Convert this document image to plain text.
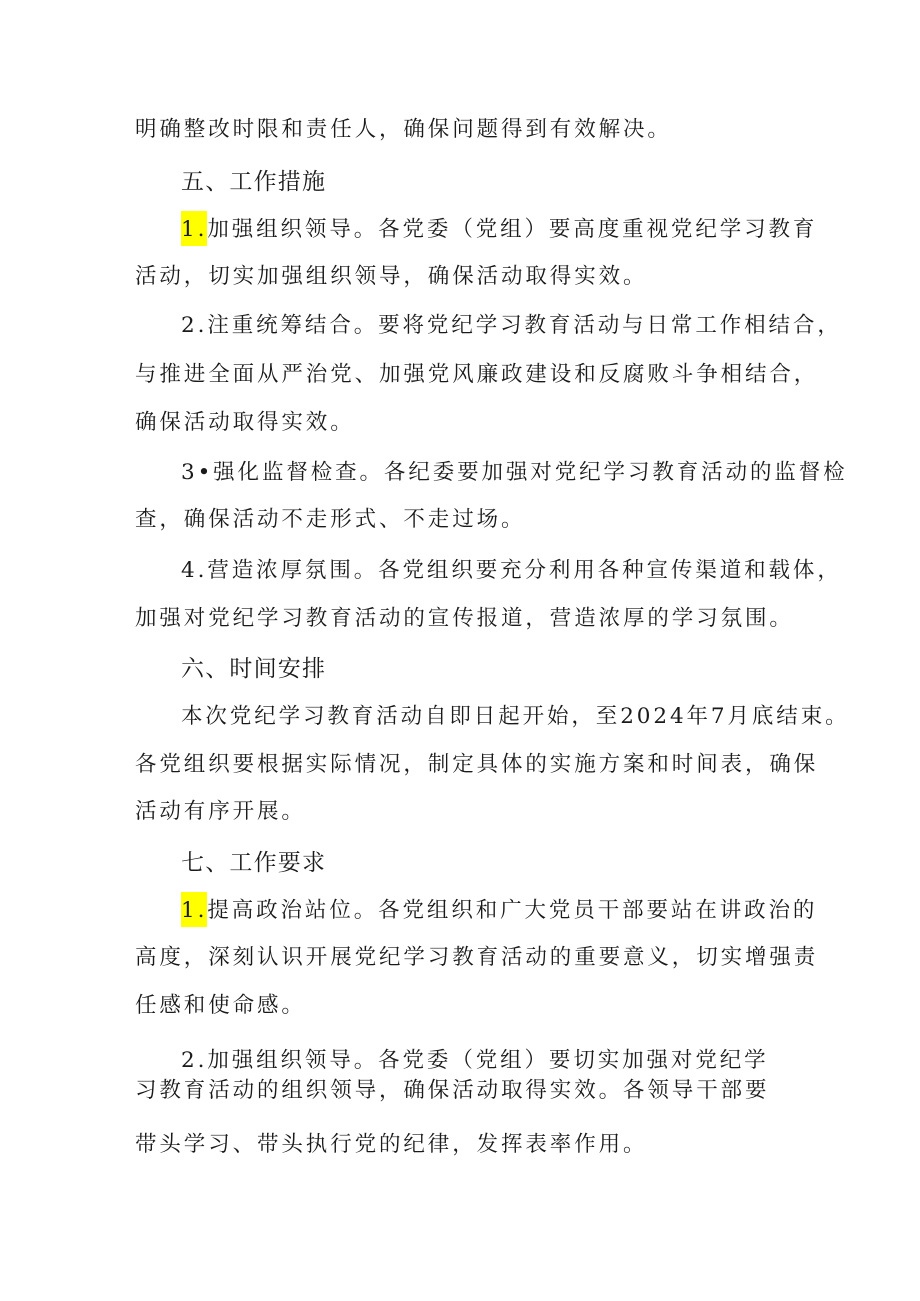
明确整改时限和责任人，确保问题得到有效解决。
五、工作措施
1.加强组织领导。各党委（党组）要高度重视党纪学习教育
活动，切实加强组织领导，确保活动取得实效。
2.注重统筹结合。要将党纪学习教育活动与日常工作相结合，
与推进全面从严治党、加强党风廉政建设和反腐败斗争相结合，
确保活动取得实效。
3•强化监督检查。各纪委要加强对党纪学习教育活动的监督检
查，确保活动不走形式、不走过场。
4.营造浓厚氛围。各党组织要充分利用各种宣传渠道和载体，
加强对党纪学习教育活动的宣传报道，营造浓厚的学习氛围。
六、时间安排
本次党纪学习教育活动自即日起开始，至2024年7月底结束。
各党组织要根据实际情况，制定具体的实施方案和时间表，确保
活动有序开展。
七、工作要求
1.提高政治站位。各党组织和广大党员干部要站在讲政治的
高度，深刻认识开展党纪学习教育活动的重要意义，切实增强责
任感和使命感。
2.加强组织领导。各党委（党组）要切实加强对党纪学
习教育活动的组织领导，确保活动取得实效。各领导干部要
带头学习、带头执行党的纪律，发挥表率作用。
